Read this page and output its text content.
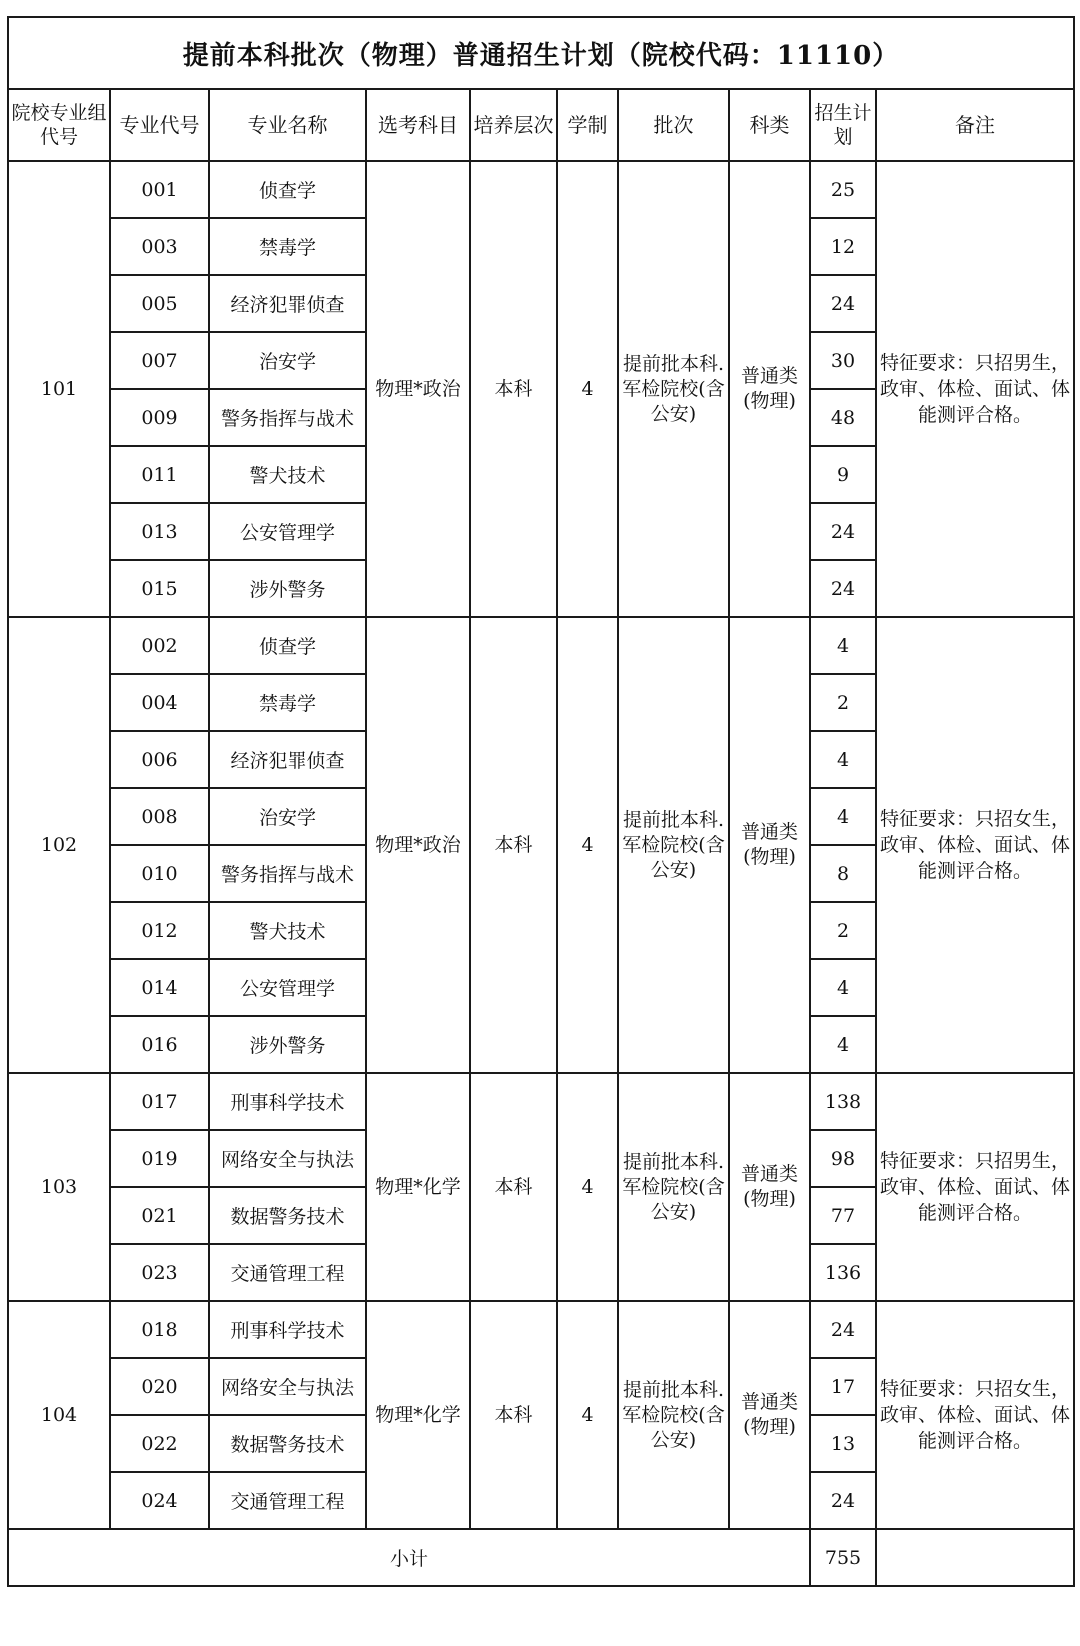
提前本科批次（物理）普通招生计划（院校代码：11110）									
院校专业组代号	专业代号	专业名称	选考科目	培养层次	学制	批次	科类	招生计划	备注
101	001	侦查学	物理*政治	本科	4	提前批本科.军检院校(含公安)	普通类(物理)	25	特征要求：只招男生，政审、体检、面试、体能测评合格。
	003	禁毒学						12	
	005	经济犯罪侦查						24	
	007	治安学						30	
	009	警务指挥与战术						48	
	011	警犬技术						9	
	013	公安管理学						24	
	015	涉外警务						24	
102	002	侦查学	物理*政治	本科	4	提前批本科.军检院校(含公安)	普通类(物理)	4	特征要求：只招女生，政审、体检、面试、体能测评合格。
	004	禁毒学						2	
	006	经济犯罪侦查						4	
	008	治安学						4	
	010	警务指挥与战术						8	
	012	警犬技术						2	
	014	公安管理学						4	
	016	涉外警务						4	
103	017	刑事科学技术	物理*化学	本科	4	提前批本科.军检院校(含公安)	普通类(物理)	138	特征要求：只招男生，政审、体检、面试、体能测评合格。
	019	网络安全与执法						98	
	021	数据警务技术						77	
	023	交通管理工程						136	
104	018	刑事科学技术	物理*化学	本科	4	提前批本科.军检院校(含公安)	普通类(物理)	24	特征要求：只招女生，政审、体检、面试、体能测评合格。
	020	网络安全与执法						17	
	022	数据警务技术						13	
	024	交通管理工程						24	
小计								755	
